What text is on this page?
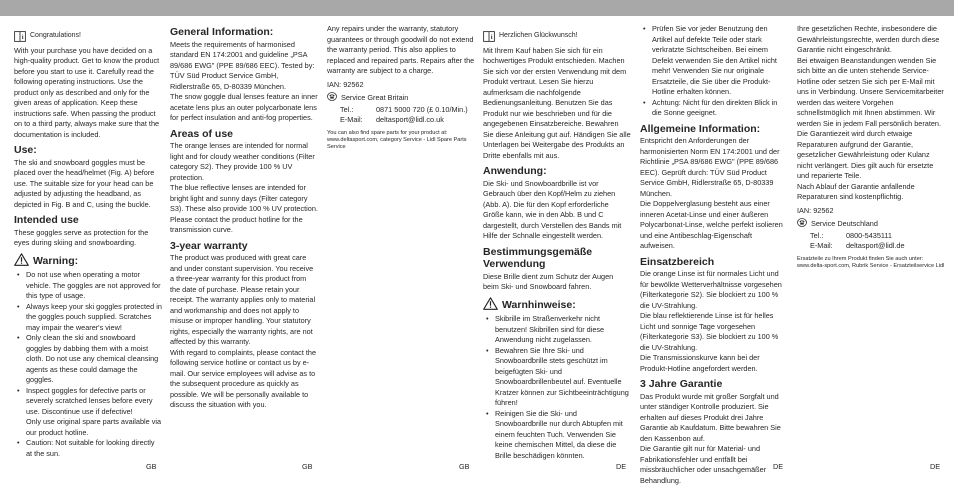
i Congratulations!

With your purchase you have decided on a high-quality product. Get to know the product before you start to use it. Carefully read the following operating instructions. Use the product only as described and only for the given areas of application. Keep these instructions safe. When passing the product on to a third party, always make sure that the documentation is included.

Use:

The ski and snowboard goggles must be placed over the head/helmet (Fig. A) before use. The suitable size for your head can be adjusted by adjusting the headband, as depicted in Fig. B and C, using the buckle.

Intended use

These goggles serve as protection for the eyes during skiing and snowboarding.

Warning:
• Do not use when operating a motor vehicle. The goggles are not approved for this type of usage.
• Always keep your ski goggles protected in the goggles pouch supplied. Scratches may impair the wearer's view!
• Only clean the ski and snowboard goggles by dabbing them with a moist cloth. Do not use any chemical cleansing agents as these could damage the goggles.
• Inspect goggles for defective parts or severely scratched lenses before every use. Discontinue use if defective!
Only use original spare parts available via our product hotline.
• Caution: Not suitable for looking directly at the sun.
General Information:

Meets the requirements of harmonised standard EN 174:2001 and guideline „PSA 89/686 EWG" (PPE 89/686 EEC). Tested by: TÜV Süd Product Service GmbH, Ridlerstraße 65, D-80339 München.

The snow goggle dual lenses feature an inner acetate lens plus an outer polycarbonate lens for perfect insulation and anti-fog properties.

Areas of use

The orange lenses are intended for normal light and for cloudy weather conditions (Filter category S2). They provide 100 % UV protection.

The blue reflective lenses are intended for bright light and sunny days (Filter category S3). These also provide 100 % UV protection.

Please contact the product hotline for the transmission curve.

3-year warranty

The product was produced with great care and under constant supervision. You receive a three-year warranty for this product from the date of purchase. Please retain your receipt. The warranty applies only to material and workmanship and does not apply to misuse or improper handling. Your statutory rights, especially the warranty rights, are not affected by this warranty.

With regard to complaints, please contact the following service hotline or contact us by e-mail. Our service employees will advise as to the subsequent procedure as quickly as possible. We will be personally available to discuss the situation with you.

Any repairs under the warranty, statutory guarantees or through goodwill do not extend the warranty period. This also applies to replaced and repaired parts. Repairs after the warranty are subject to a charge.

IAN: 92562

Service Great Britain
Tel.:	0871 5000 720 (£ 0.10/Min.)
E-Mail:	deltasport@lidl.co.uk

You can also find spare parts for your product at: www.deltasport.com, category Service - Lidl Spare Parts Service

i Herzlichen Glückwunsch!

Mit Ihrem Kauf haben Sie sich für ein hochwertiges Produkt entschieden. Machen Sie sich vor der ersten Verwendung mit dem Produkt vertraut. Lesen Sie hierzu aufmerksam die nachfolgende Bedienungsanleitung. Benutzen Sie das Produkt nur wie beschrieben und für die angegebenen Einsatzbereiche. Bewahren Sie diese Anleitung gut auf. Händigen Sie alle Unterlagen bei Weitergabe des Produkts an Dritte ebenfalls mit aus.

Anwendung:

Die Ski- und Snowboardbrille ist vor Gebrauch über den Kopf/Helm zu ziehen (Abb. A). Die für den Kopf erforderliche Größe kann, wie in den Abb. B und C dargestellt, durch Verstellen des Bands mit Hilfe der Schnalle eingestellt werden.

Bestimmungsgemäße Verwendung

Diese Brille dient zum Schutz der Augen beim Ski- und Snowboard fahren.

Warnhinweise:
• Skibrille im Straßenverkehr nicht benutzen! Skibrillen sind für diese Anwendung nicht zugelassen.
• Bewahren Sie Ihre Ski- und Snowboardbrille stets geschützt im beigefügten Ski- und Snowboardbrillenbeutel auf. Eventuelle Kratzer können zur Sichtbeeinträchtigung führen!
• Reinigen Sie die Ski- und Snowboardbrille nur durch Abtupfen mit einem feuchten Tuch. Verwenden Sie keine chemischen Mittel, da diese die Brille beschädigen könnten.
• Prüfen Sie vor jeder Benutzung den Artikel auf defekte Teile oder stark verkratzte Sichtscheiben. Bei einem Defekt verwenden Sie den Artikel nicht mehr! Verwenden Sie nur originale Ersatzteile, die Sie über die Produkt-Hotline erhalten können.
• Achtung: Nicht für den direkten Blick in die Sonne geeignet.
Allgemeine Information:

Entspricht den Anforderungen der harmonisierten Norm EN 174:2001 und der Richtlinie „PSA 89/686 EWG" (PPE 89/686 EEC). Geprüft durch: TÜV Süd Product Service GmbH, Ridlerstraße 65, D-80339 München.

Die Doppelverglasung besteht aus einer inneren Acetat-Linse und einer äußeren Polycarbonat-Linse, welche perfekt isolieren und eine Antibeschlag-Eigenschaft aufweisen.

Einsatzbereich

Die orange Linse ist für normales Licht und für bewölkte Wetterverhältnisse vorgesehen (Filterkategorie S2). Sie blockiert zu 100 % die UV-Strahlung.

Die blau reflektierende Linse ist für helles Licht und sonnige Tage vorgesehen (Filterkategorie S3). Sie blockiert zu 100 % die UV-Strahlung.

Die Transmissionskurve kann bei der Produkt-Hotline angefordert werden.

3 Jahre Garantie

Das Produkt wurde mit großer Sorgfalt und unter ständiger Kontrolle produziert. Sie erhalten auf dieses Produkt drei Jahre Garantie ab Kaufdatum. Bitte bewahren Sie den Kassenbon auf.

Die Garantie gilt nur für Material- und Fabrikationsfehler und entfällt bei missbräuchlicher oder unsachgemäßer Behandlung.

Ihre gesetzlichen Rechte, insbesondere die Gewährleistungsrechte, werden durch diese Garantie nicht eingeschränkt.

Bei etwaigen Beanstandungen wenden Sie sich bitte an die unten stehende Service-Hotline oder setzen Sie sich per E-Mail mit uns in Verbindung. Unsere Servicemitarbeiter werden das weitere Vorgehen schnellstmöglich mit Ihnen abstimmen. Wir werden Sie in jedem Fall persönlich beraten. Die Garantiezeit wird durch etwaige Reparaturen aufgrund der Garantie, gesetzlicher Gewährleistung oder Kulanz nicht verlängert. Dies gilt auch für ersetzte und reparierte Teile.

Nach Ablauf der Garantie anfallende Reparaturen sind kostenpflichtig.

IAN: 92562

Service Deutschland
Tel.:	0800-5435111
E-Mail:	deltasport@lidl.de

Ersatzteile zu Ihrem Produkt finden Sie auch unter: www.delta-sport.com, Rubrik Service - Ersatzteilservice Lidl

GB	GB	GB	DE	DE	DE
